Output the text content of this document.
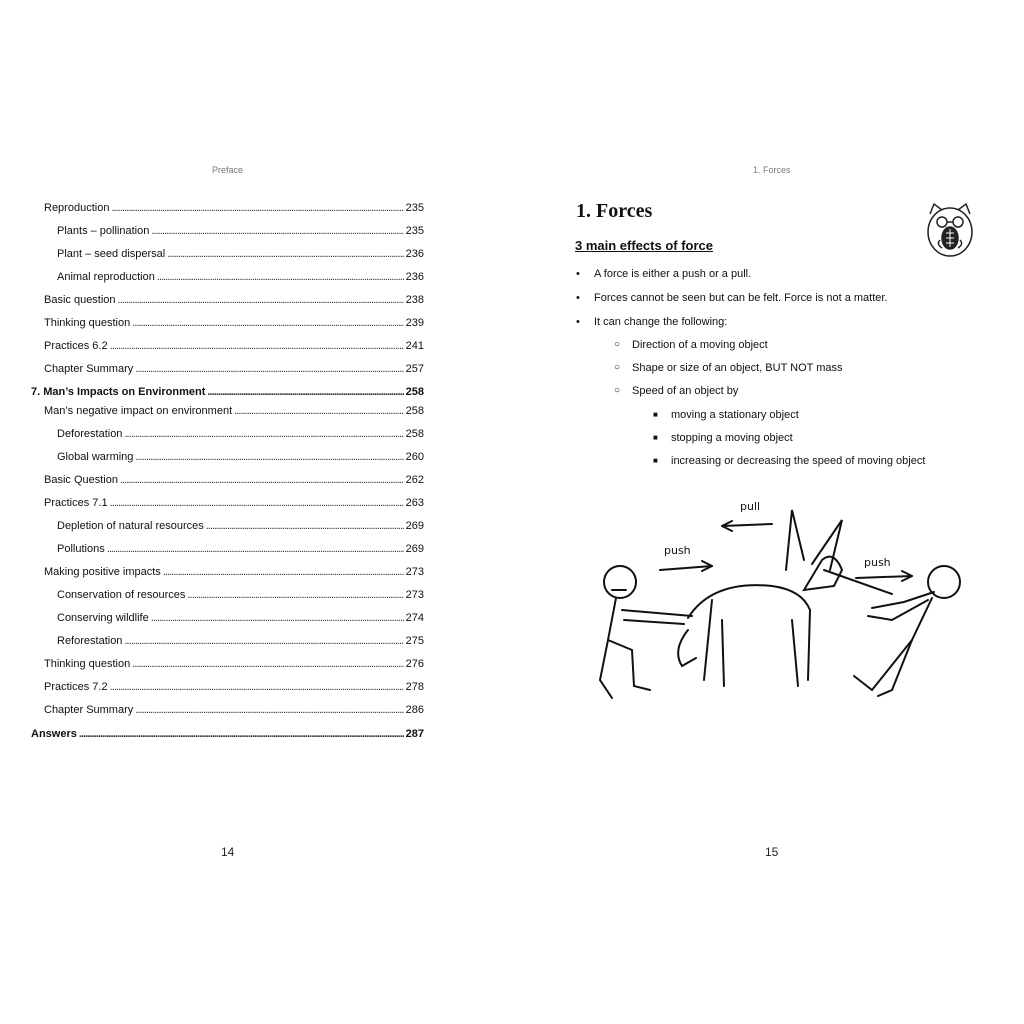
Preface
Reproduction . . .	235
Plants – pollination . . .	235
Plant – seed dispersal . . .	236
Animal reproduction . . .	236
Basic question . . .	238
Thinking question . . .	239
Practices 6.2 . . .	241
Chapter Summary . . .	257
7. Man’s Impacts on Environment . . .	258
Man’s negative impact on environment . . .	258
Deforestation . . .	258
Global warming . . .	260
Basic Question . . .	262
Practices 7.1 . . .	263
Depletion of natural resources . . .	269
Pollutions . . .	269
Making positive impacts . . .	273
Conservation of resources . . .	273
Conserving wildlife . . .	274
Reforestation . . .	275
Thinking question . . .	276
Practices 7.2 . . .	278
Chapter Summary . . .	286
Answers . . .	287
14
1. Forces
1. Forces
3 main effects of force
• A force is either a push or a pull.
• Forces cannot be seen but can be felt. Force is not a matter.
• It can change the following:
○ Direction of a moving object
○ Shape or size of an object, BUT NOT mass
○ Speed of an object by
■ moving a stationary object
■ stopping a moving object
■ increasing or decreasing the speed of moving object
pull
push
push
15
